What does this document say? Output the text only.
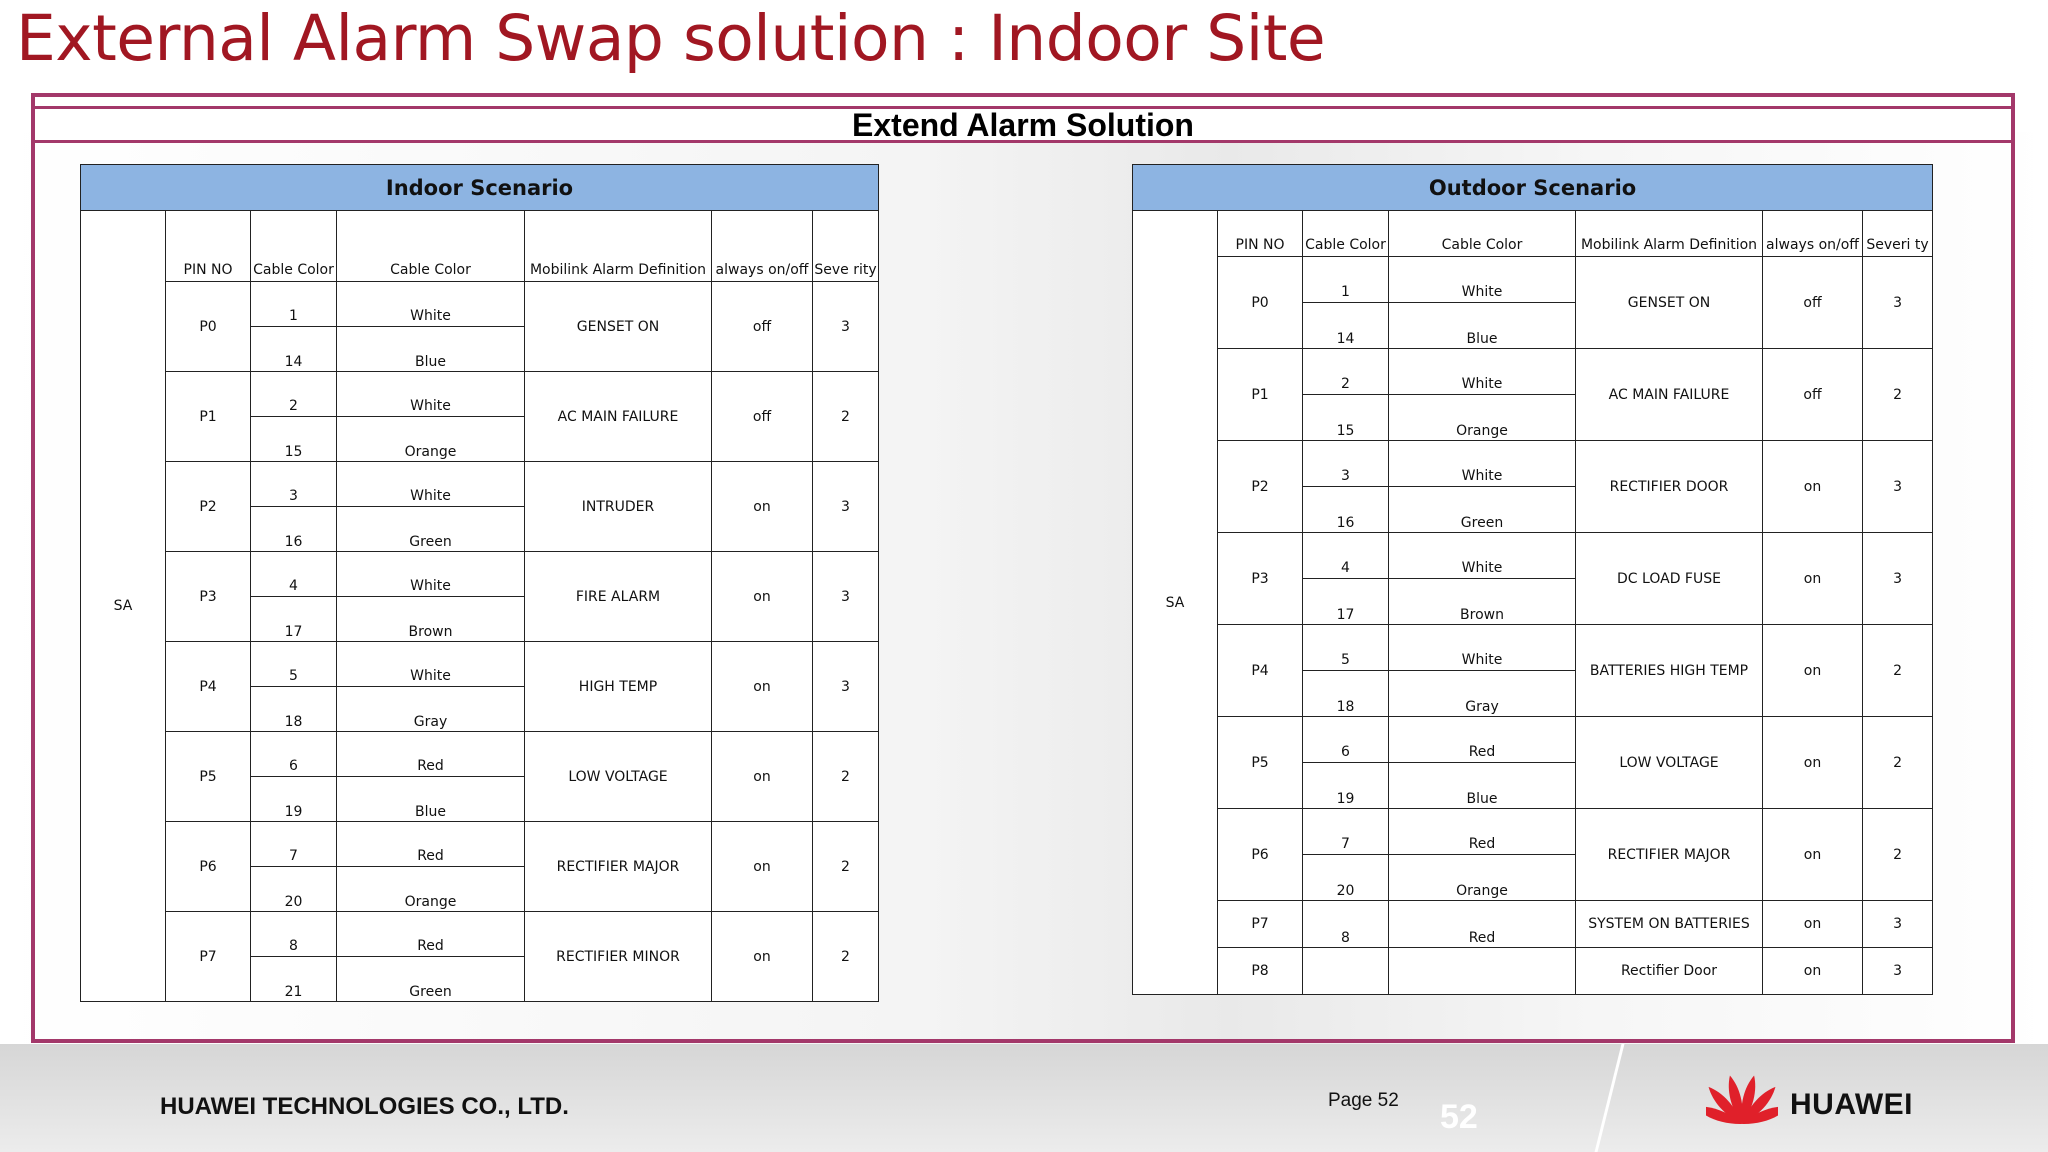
External Alarm Swap solution : Indoor Site
Extend Alarm Solution
Indoor Scenario						
SA	PIN NO	Cable Color	Cable Color	Mobilink Alarm Definition	always on/off	Seve rity
	P0	1	White	GENSET ON	off	3
		14	Blue			
	P1	2	White	AC MAIN FAILURE	off	2
		15	Orange			
	P2	3	White	INTRUDER	on	3
		16	Green			
	P3	4	White	FIRE ALARM	on	3
		17	Brown			
	P4	5	White	HIGH TEMP	on	3
		18	Gray			
	P5	6	Red	LOW VOLTAGE	on	2
		19	Blue			
	P6	7	Red	RECTIFIER MAJOR	on	2
		20	Orange			
	P7	8	Red	RECTIFIER MINOR	on	2
		21	Green			
Outdoor Scenario						
SA	PIN NO	Cable Color	Cable Color	Mobilink Alarm Definition	always on/off	Severi ty
	P0	1	White	GENSET ON	off	3
		14	Blue			
	P1	2	White	AC MAIN FAILURE	off	2
		15	Orange			
	P2	3	White	RECTIFIER DOOR	on	3
		16	Green			
	P3	4	White	DC LOAD FUSE	on	3
		17	Brown			
	P4	5	White	BATTERIES HIGH TEMP	on	2
		18	Gray			
	P5	6	Red	LOW VOLTAGE	on	2
		19	Blue			
	P6	7	Red	RECTIFIER MAJOR	on	2
		20	Orange			
	P7	8	Red	SYSTEM ON BATTERIES	on	3
	P8			Rectifier Door	on	3
HUAWEI TECHNOLOGIES CO., LTD.	Page 52 52	HUAWEI
